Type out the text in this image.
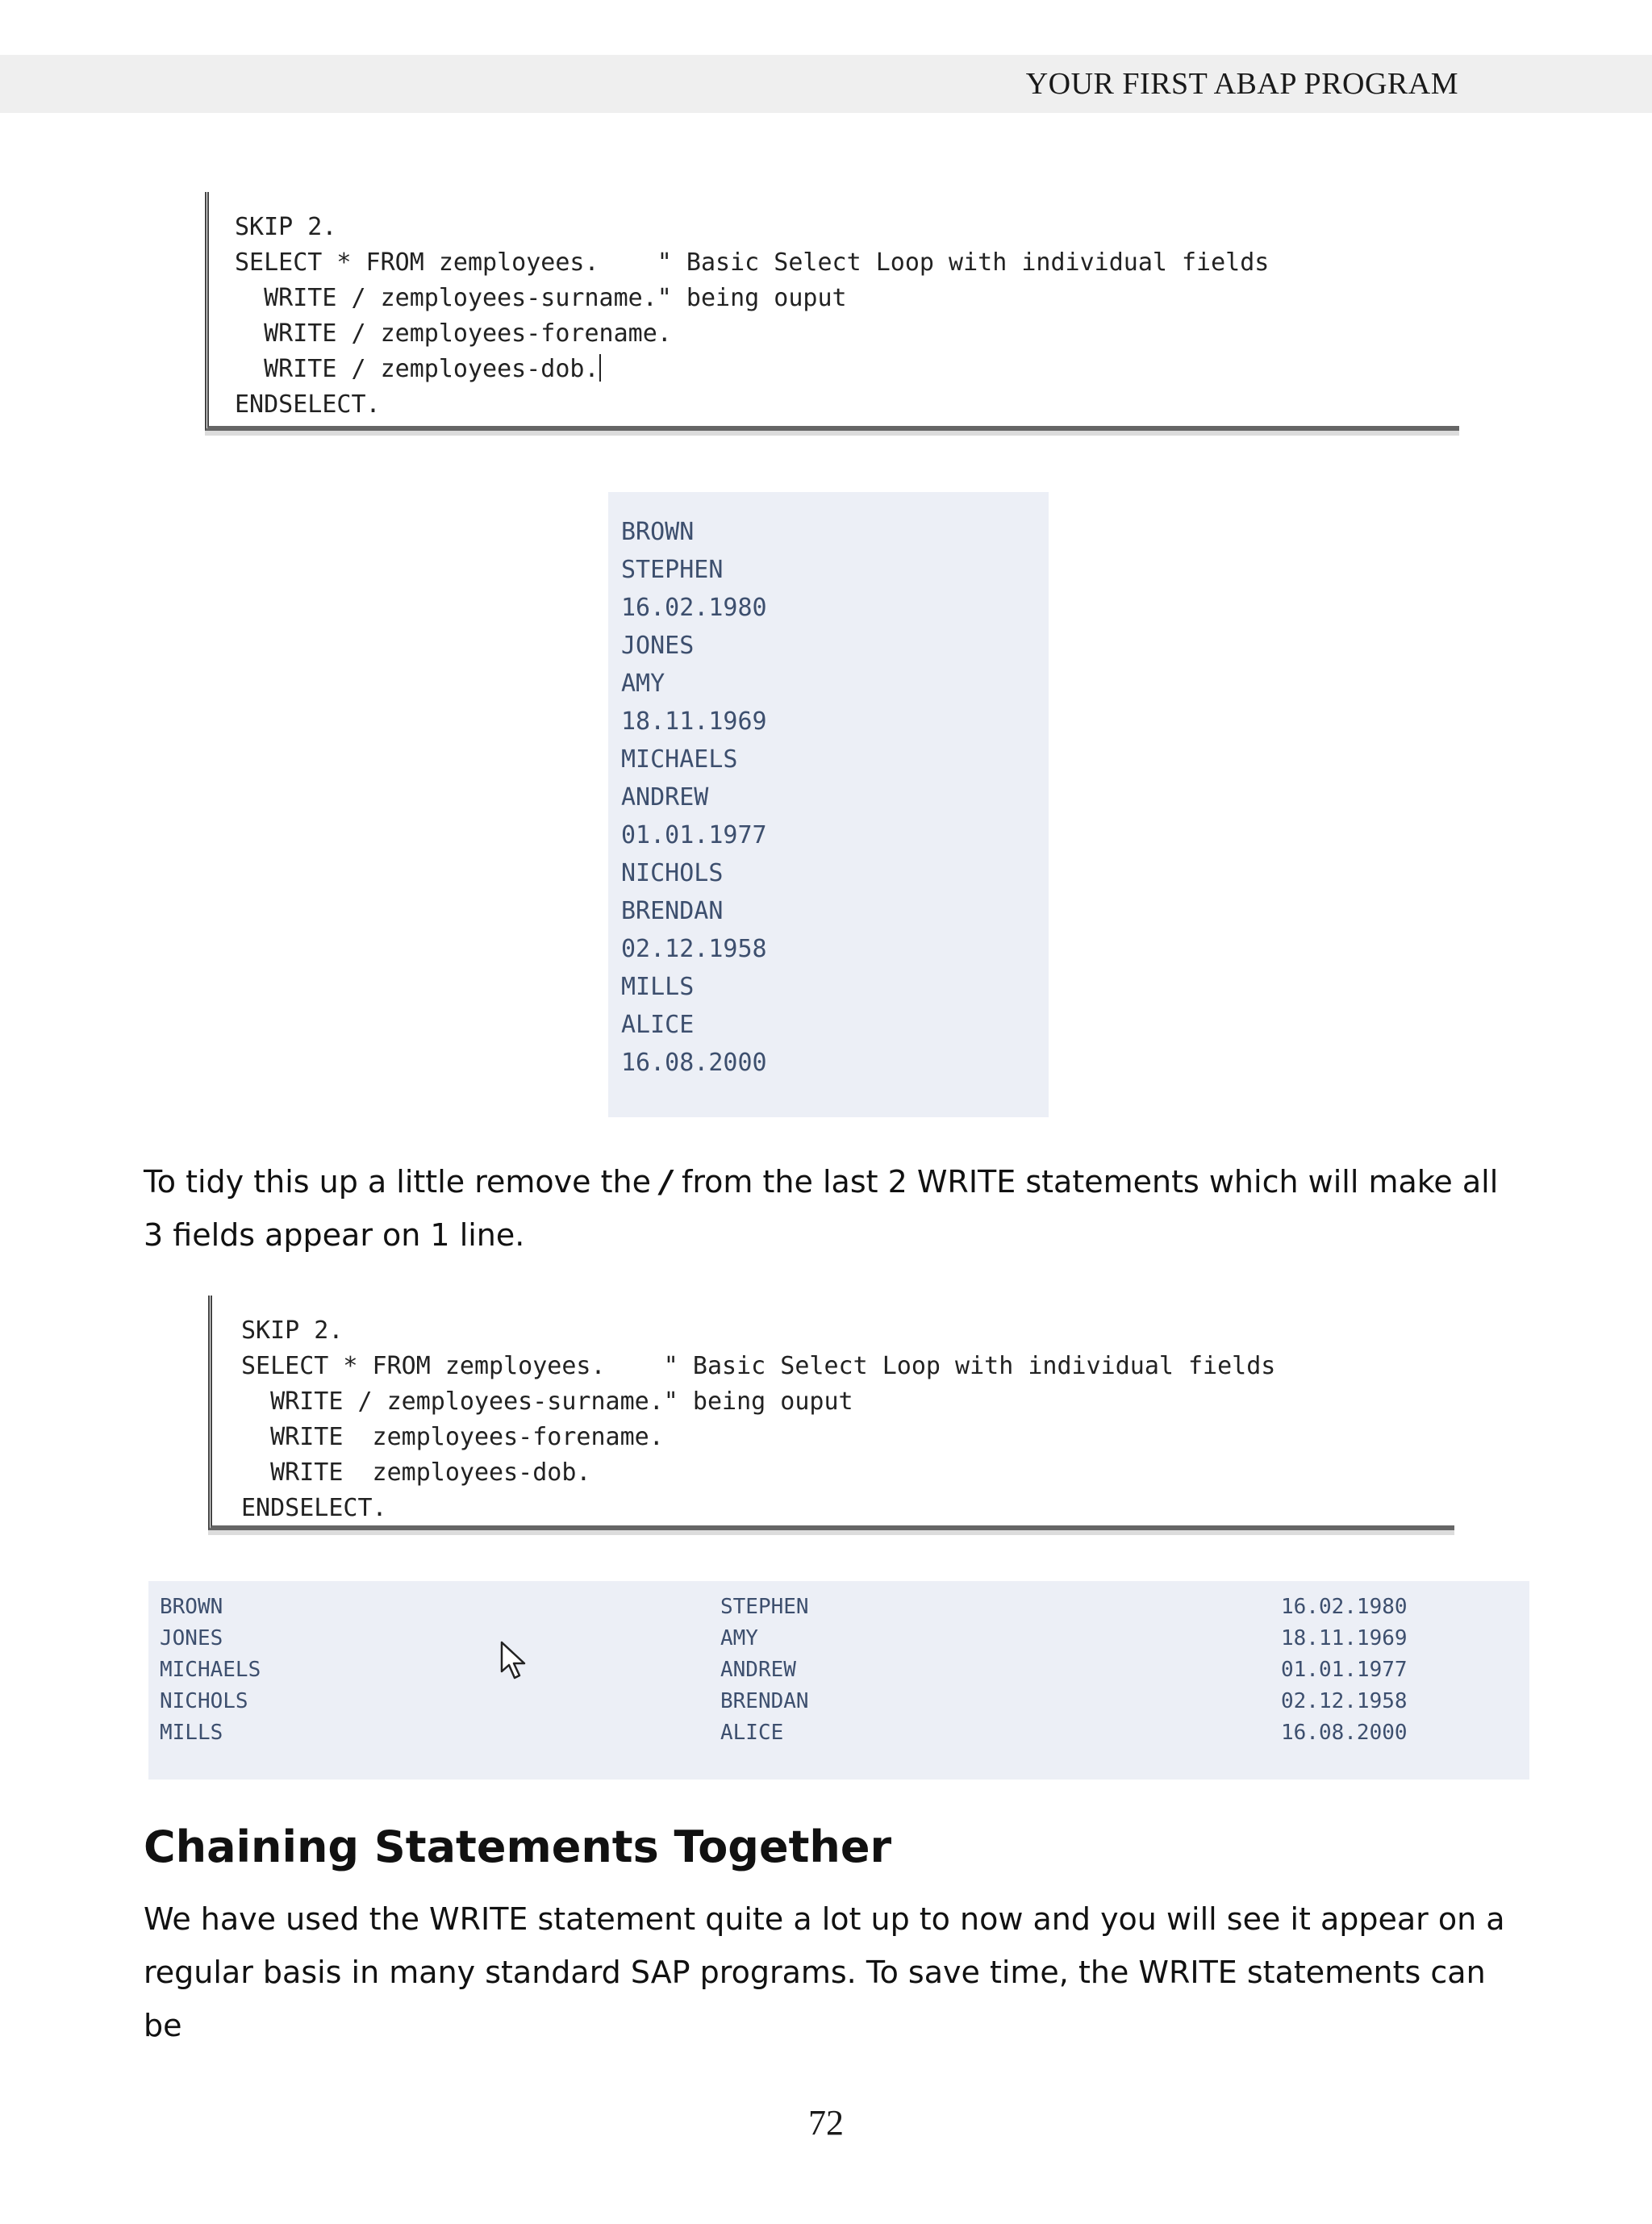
YOUR FIRST ABAP PROGRAM
SKIP 2.
SELECT * FROM zemployees.    " Basic Select Loop with individual fields
WRITE / zemployees-surname." being ouput
WRITE / zemployees-forename.
WRITE / zemployees-dob.
ENDSELECT.
BROWN
STEPHEN
16.02.1980
JONES
AMY
18.11.1969
MICHAELS
ANDREW
01.01.1977
NICHOLS
BRENDAN
02.12.1958
MILLS
ALICE
16.08.2000

To tidy this up a little remove the / from the last 2 WRITE statements which will make all 3 fields appear on 1 line.

SKIP 2.
SELECT * FROM zemployees.    " Basic Select Loop with individual fields
WRITE / zemployees-surname." being ouput
WRITE  zemployees-forename.
WRITE  zemployees-dob.
ENDSELECT.
BROWN	STEPHEN	16.02.1980
JONES	AMY	18.11.1969
MICHAELS	ANDREW	01.01.1977
NICHOLS	BRENDAN	02.12.1958
MILLS	ALICE	16.08.2000
Chaining Statements Together

We have used the WRITE statement quite a lot up to now and you will see it appear on a regular basis in many standard SAP programs. To save time, the WRITE statements can be

72
